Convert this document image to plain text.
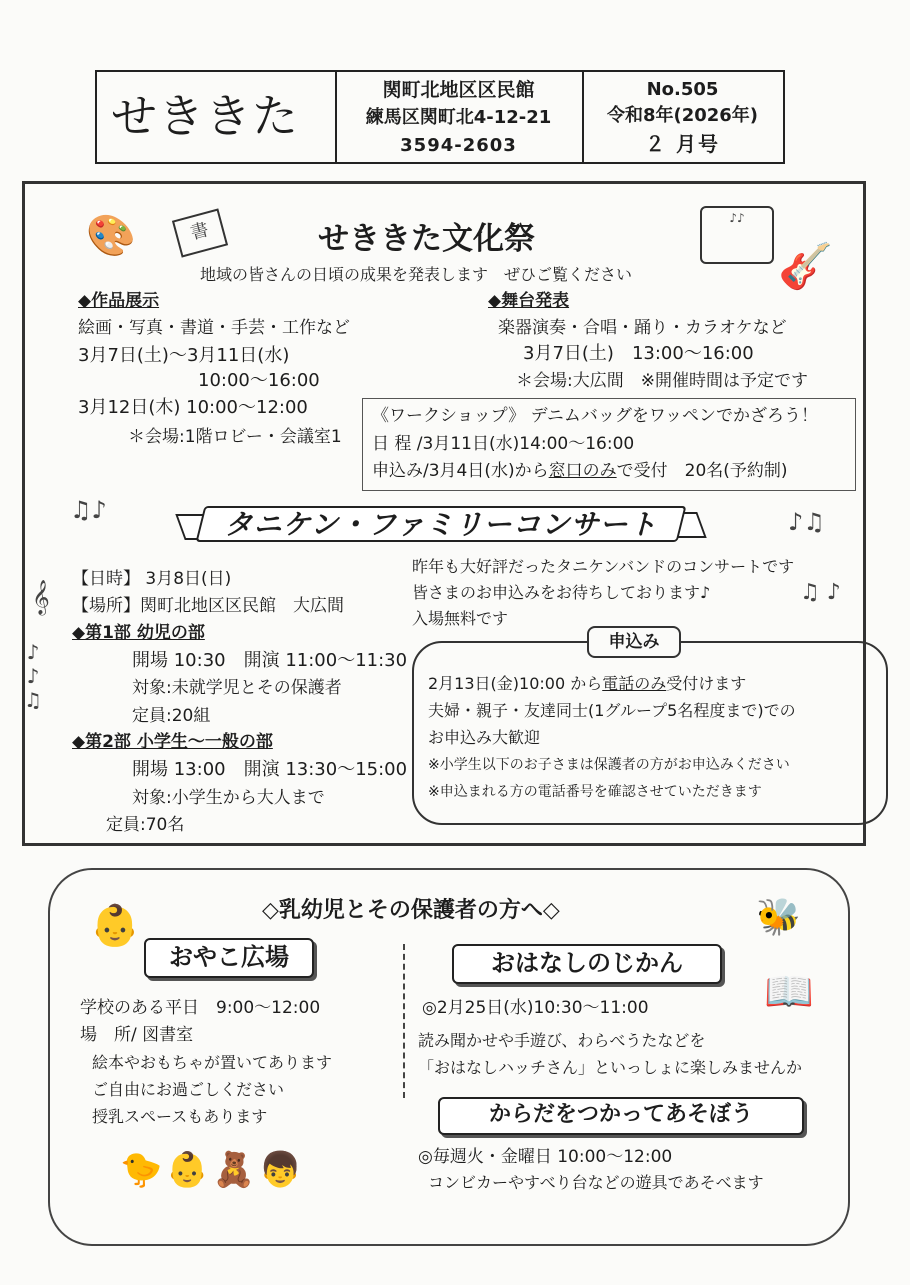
せききた	関町北地区区民館
練馬区関町北4-12-21
3594-2603
No.505
令和8年(2026年)
２ 月号
🎨	書
♪♪
🎸
せききた文化祭
地域の皆さんの日頃の成果を発表します　ぜひご覧ください
◆作品展示
絵画・写真・書道・手芸・工作など
3月7日(土)～3月11日(水)
10:00～16:00
3月12日(木) 10:00～12:00
＊会場:1階ロビー・会議室1
◆舞台発表
楽器演奏・合唱・踊り・カラオケなど
3月7日(土)　13:00～16:00
＊会場:大広間　※開催時間は予定です
《ワークショップ》 デニムバッグをワッペンでかざろう！
日 程 /3月11日(水)14:00～16:00
申込み/3月4日(水)から窓口のみで受付　20名(予約制)
♫♪	♪♫
タニケン・ファミリーコンサート
𝄞
♪
♪
♫
♫ ♪
【日時】 3月8日(日)
【場所】関町北地区区民館　大広間
◆第1部 幼児の部
開場 10:30　開演 11:00～11:30
対象:未就学児とその保護者
定員:20組
◆第2部 小学生～一般の部
開場 13:00　開演 13:30～15:00
対象:小学生から大人まで
定員:70名
昨年も大好評だったタニケンバンドのコンサートです
皆さまのお申込みをお待ちしております♪
入場無料です
申込み
2月13日(金)10:00 から電話のみ受付けます
夫婦・親子・友達同士(1グループ5名程度まで)での
お申込み大歓迎
※小学生以下のお子さまは保護者の方がお申込みください
※申込まれる方の電話番号を確認させていただきます
◇乳幼児とその保護者の方へ◇
👶
おやこ広場
学校のある平日　9:00～12:00
場　所/ 図書室
絵本やおもちゃが置いてあります
ご自由にお過ごしください
授乳スペースもあります
🐤👶🧸👦
🐝
📖
おはなしのじかん
◎2月25日(水)10:30～11:00
読み聞かせや手遊び、わらべうたなどを
「おはなしハッチさん」といっしょに楽しみませんか
からだをつかってあそぼう
◎毎週火・金曜日 10:00～12:00
コンビカーやすべり台などの遊具であそべます
